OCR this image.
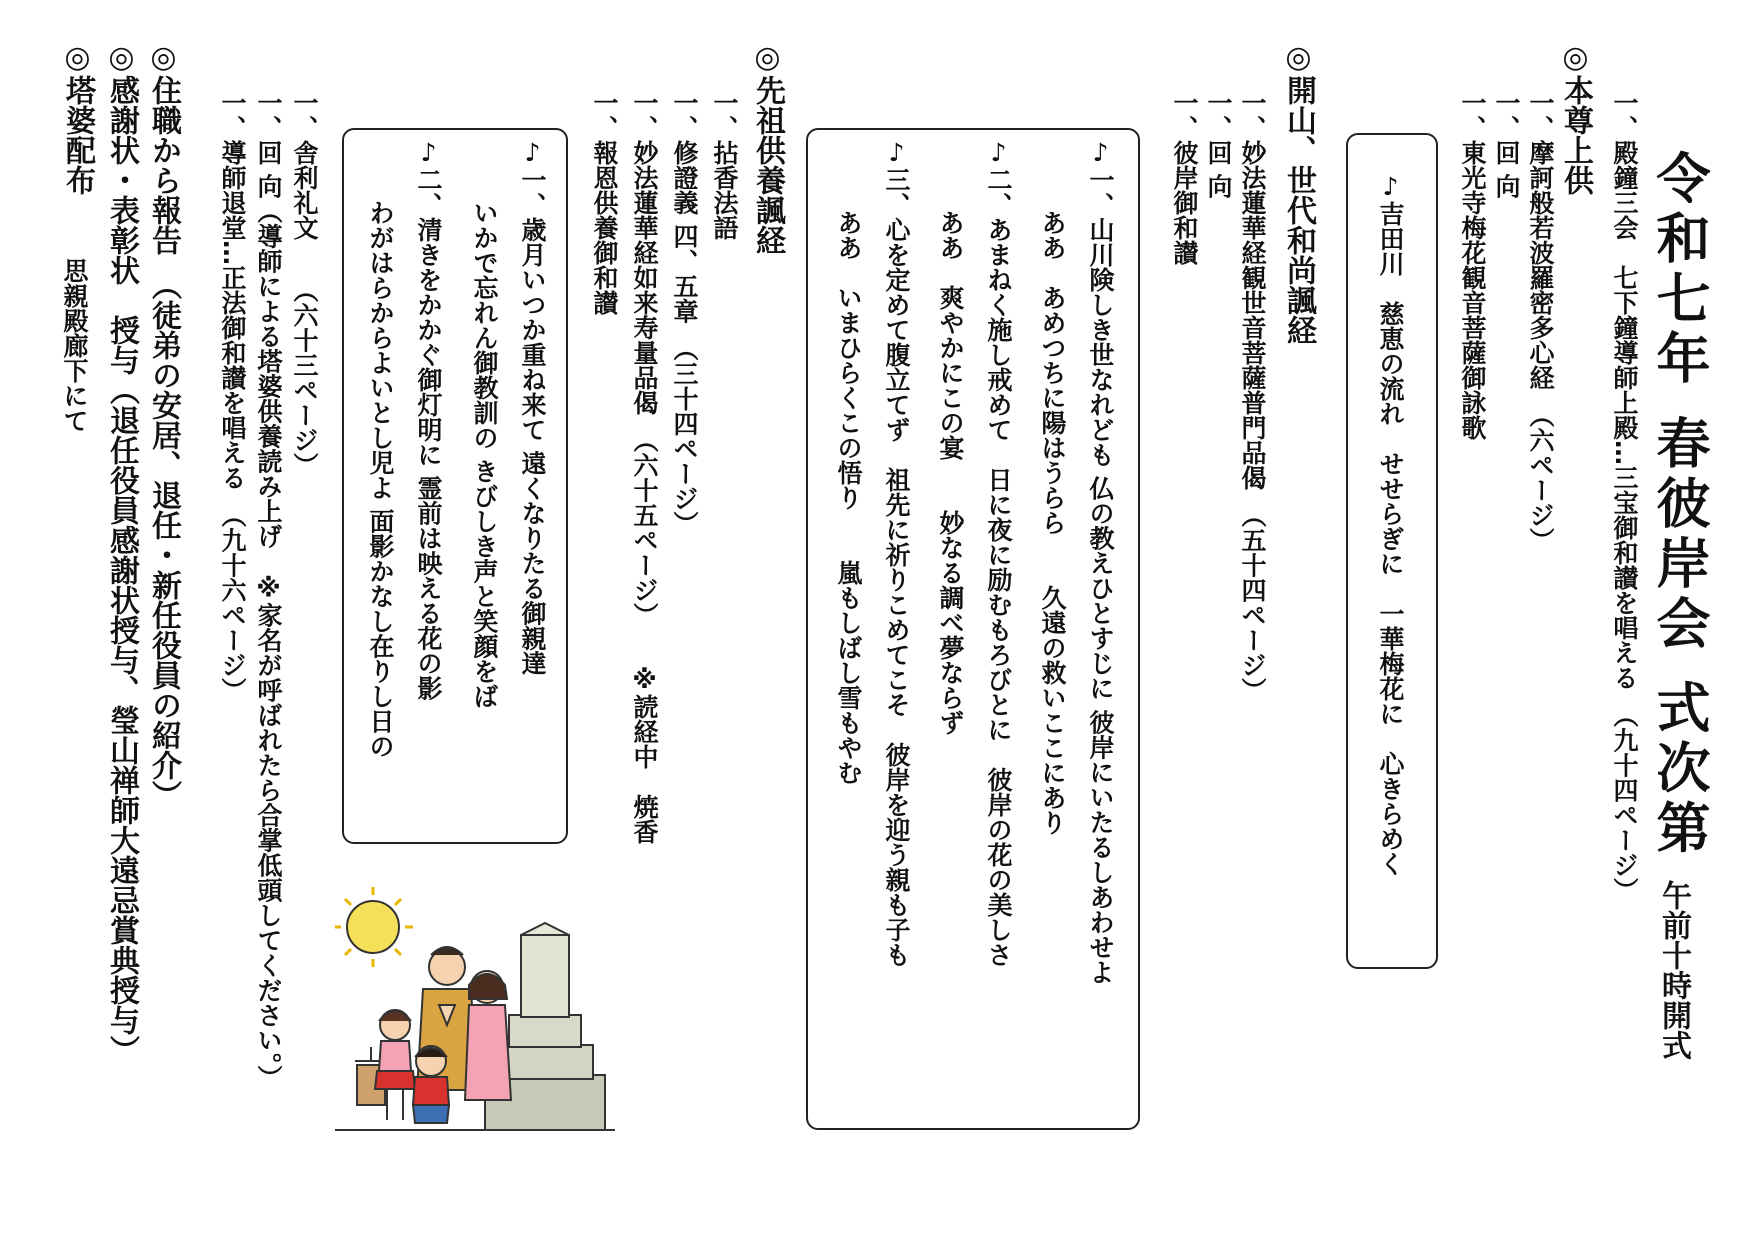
令和七年 春彼岸会 式次第
午前十時開式
一、殿鐘三会　七下鐘導師上殿…三宝御和讃を唱える　（九十四ページ）
◎本尊上供
一、摩訶般若波羅密多心経　（六ページ）
一、回 向
一、東光寺梅花観音菩薩御詠歌
♪吉田川　慈恵の流れ　せせらぎに　一華梅花に　心きらめく
◎開山、世代和尚諷経
一、妙法蓮華経観世音菩薩普門品偈　（五十四ページ）
一、回 向
一、彼岸御和讃
♪一、山川険しき世なれども 仏の教えひとすじに 彼岸にいたるしあわせよ
ああ　あめつちに陽はうらら　　久遠の救いここにあり
♪二、あまねく施し戒めて　日に夜に励むもろびとに　彼岸の花の美しさ
ああ　爽やかにこの宴　　妙なる調べ夢ならず
♪三、心を定めて腹立てず　祖先に祈りこめてこそ　彼岸を迎う親も子も
ああ　いまひらくこの悟り　　嵐もしばし雪もやむ
◎先祖供養諷経
一、拈香法語
一、修證義 四、五章　（三十四ページ）
一、妙法蓮華経如来寿量品偈　（六十五ページ）　　※読経中　焼香
一、報恩供養御和讃
♪一、歳月いつか重ね来て 遠くなりたる御親達
いかで忘れん御教訓の きびしき声と笑顔をば
♪二、清きをかかぐ御灯明に 霊前は映える花の影
わがはらからよいとし児よ 面影かなし在りし日の
一、舎利礼文　　（六十三ページ）
一、回 向（導師による塔婆供養読み上げ　※家名が呼ばれたら合掌低頭してください。）
一、導師退堂…正法御和讃を唱える　（九十六ページ）
◎住職から報告　（徒弟の安居、退任・新任役員の紹介）
◎感謝状・表彰状　授与（退任役員感謝状授与、瑩山禅師大遠忌賞典授与）
◎塔婆配布
思親殿廊下にて
